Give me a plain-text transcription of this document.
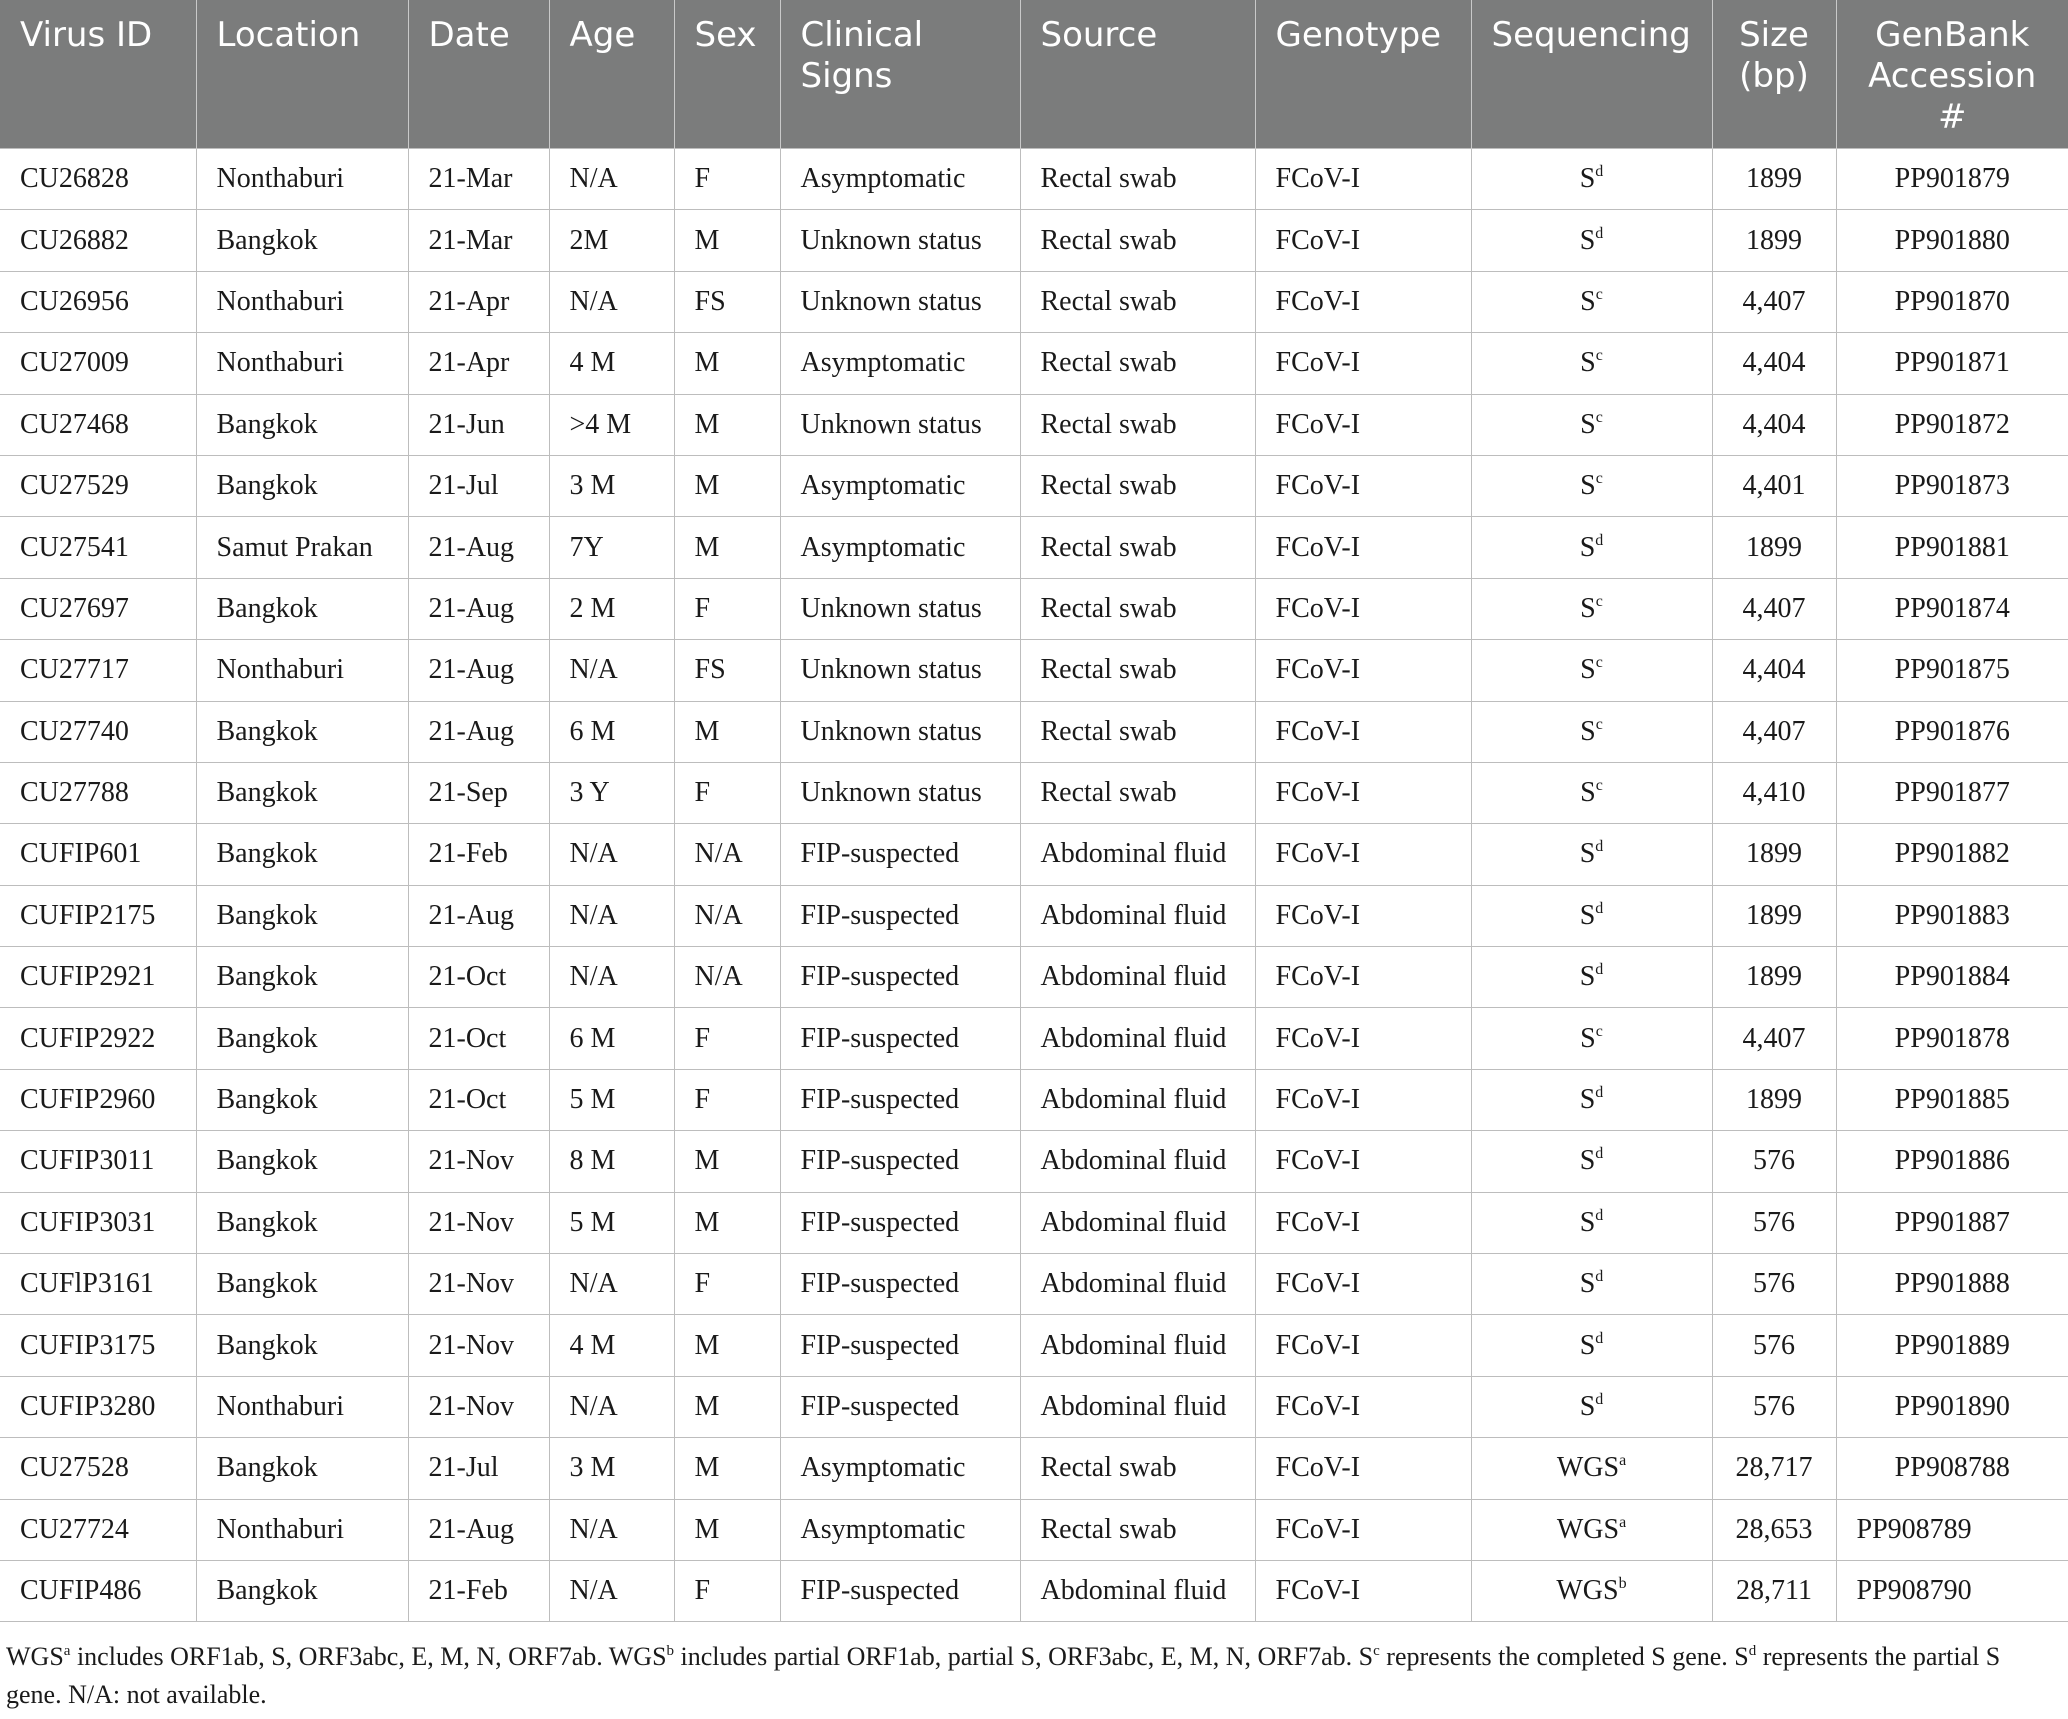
Virus ID	Location	Date	Age	Sex	Clinical Signs	Source	Genotype	Sequencing	Size (bp)	GenBank Accession #
CU26828	Nonthaburi	21-Mar	N/A	F	Asymptomatic	Rectal swab	FCoV-I	$S^d$	1899	PP901879
CU26882	Bangkok	21-Mar	2M	M	Unknown status	Rectal swab	FCoV-I	$S^d$	1899	PP901880
CU26956	Nonthaburi	21-Apr	N/A	FS	Unknown status	Rectal swab	FCoV-I	$S^c$	4,407	PP901870
CU27009	Nonthaburi	21-Apr	4 M	M	Asymptomatic	Rectal swab	FCoV-I	$S^c$	4,404	PP901871
CU27468	Bangkok	21-Jun	>4 M	M	Unknown status	Rectal swab	FCoV-I	$S^c$	4,404	PP901872
CU27529	Bangkok	21-Jul	3 M	M	Asymptomatic	Rectal swab	FCoV-I	$S^c$	4,401	PP901873
CU27541	Samut Prakan	21-Aug	7Y	M	Asymptomatic	Rectal swab	FCoV-I	$S^d$	1899	PP901881
CU27697	Bangkok	21-Aug	2 M	F	Unknown status	Rectal swab	FCoV-I	$S^c$	4,407	PP901874
CU27717	Nonthaburi	21-Aug	N/A	FS	Unknown status	Rectal swab	FCoV-I	$S^c$	4,404	PP901875
CU27740	Bangkok	21-Aug	6 M	M	Unknown status	Rectal swab	FCoV-I	$S^c$	4,407	PP901876
CU27788	Bangkok	21-Sep	3 Y	F	Unknown status	Rectal swab	FCoV-I	$S^c$	4,410	PP901877
CUFIP601	Bangkok	21-Feb	N/A	N/A	FIP-suspected	Abdominal fluid	FCoV-I	$S^d$	1899	PP901882
CUFIP2175	Bangkok	21-Aug	N/A	N/A	FIP-suspected	Abdominal fluid	FCoV-I	$S^d$	1899	PP901883
CUFIP2921	Bangkok	21-Oct	N/A	N/A	FIP-suspected	Abdominal fluid	FCoV-I	$S^d$	1899	PP901884
CUFIP2922	Bangkok	21-Oct	6 M	F	FIP-suspected	Abdominal fluid	FCoV-I	$S^c$	4,407	PP901878
CUFIP2960	Bangkok	21-Oct	5 M	F	FIP-suspected	Abdominal fluid	FCoV-I	$S^d$	1899	PP901885
CUFIP3011	Bangkok	21-Nov	8 M	M	FIP-suspected	Abdominal fluid	FCoV-I	$S^d$	576	PP901886
CUFIP3031	Bangkok	21-Nov	5 M	M	FIP-suspected	Abdominal fluid	FCoV-I	$S^d$	576	PP901887
CUFlP3161	Bangkok	21-Nov	N/A	F	FIP-suspected	Abdominal fluid	FCoV-I	$S^d$	576	PP901888
CUFIP3175	Bangkok	21-Nov	4 M	M	FIP-suspected	Abdominal fluid	FCoV-I	$S^d$	576	PP901889
CUFIP3280	Nonthaburi	21-Nov	N/A	M	FIP-suspected	Abdominal fluid	FCoV-I	$S^d$	576	PP901890
CU27528	Bangkok	21-Jul	3 M	M	Asymptomatic	Rectal swab	FCoV-I	WGS$^a$	28,717	PP908788
CU27724	Nonthaburi	21-Aug	N/A	M	Asymptomatic	Rectal swab	FCoV-I	WGS$^a$	28,653	PP908789
CUFIP486	Bangkok	21-Feb	N/A	F	FIP-suspected	Abdominal fluid	FCoV-I	WGS$^b$	28,711	PP908790
WGS$^a$ includes ORF1ab, S, ORF3abc, E, M, N, ORF7ab. WGS$^b$ includes partial ORF1ab, partial S, ORF3abc, E, M, N, ORF7ab. $S^c$ represents the completed S gene. $S^d$ represents the partial S gene. N/A: not available.
